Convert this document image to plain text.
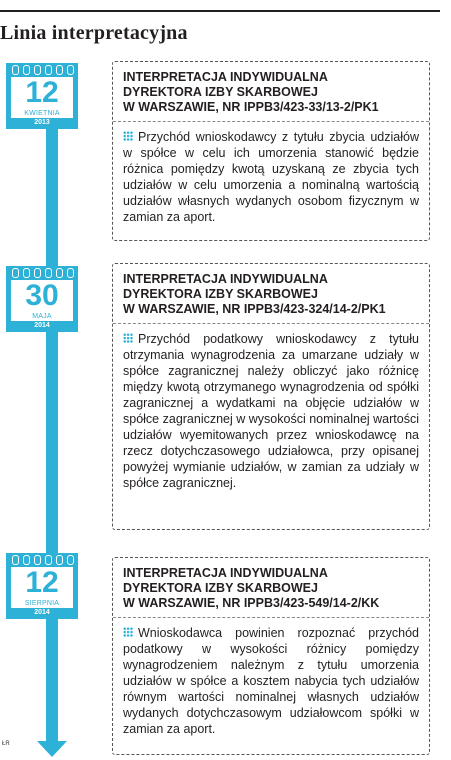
Linia interpretacyjna
ŁR
12
KWIETNIA
2013
INTERPRETACJA INDYWIDUALNA
DYREKTORA IZBY SKARBOWEJ
W WARSZAWIE, NR IPPB3/423-33/13-2/PK1
Przychód wnioskodawcy z tytułu zbycia udziałów w spółce w celu ich umorzenia stanowić będzie różnica pomiędzy kwotą uzyskaną ze zbycia tych udziałów w celu umorzenia a nominalną wartością udziałów własnych wydanych osobom fizycznym w zamian za aport.
30
MAJA
2014
INTERPRETACJA INDYWIDUALNA
DYREKTORA IZBY SKARBOWEJ
W WARSZAWIE, NR IPPB3/423-324/14-2/PK1
Przychód podatkowy wnioskodawcy z tytułu otrzymania wynagrodzenia za umarzane udziały w spółce zagranicznej należy obliczyć jako różnicę między kwotą otrzymanego wynagrodzenia od spółki zagranicznej a wydatkami na objęcie udziałów w spółce zagranicznej w wysokości nominalnej wartości udziałów wyemitowanych przez wnioskodawcę na rzecz dotychczasowego udziałowca, przy opisanej powyżej wymianie udziałów, w zamian za udziały w spółce zagranicznej.
12
SIERPNIA
2014
INTERPRETACJA INDYWIDUALNA
DYREKTORA IZBY SKARBOWEJ
W WARSZAWIE, NR IPPB3/423-549/14-2/KK
Wnioskodawca powinien rozpoznać przychód podatkowy w wysokości różnicy pomiędzy wynagrodzeniem należnym z tytułu umorzenia udziałów w spółce a kosztem nabycia tych udziałów równym wartości nominalnej własnych udziałów wydanych dotychczasowym udziałowcom spółki w zamian za aport.
